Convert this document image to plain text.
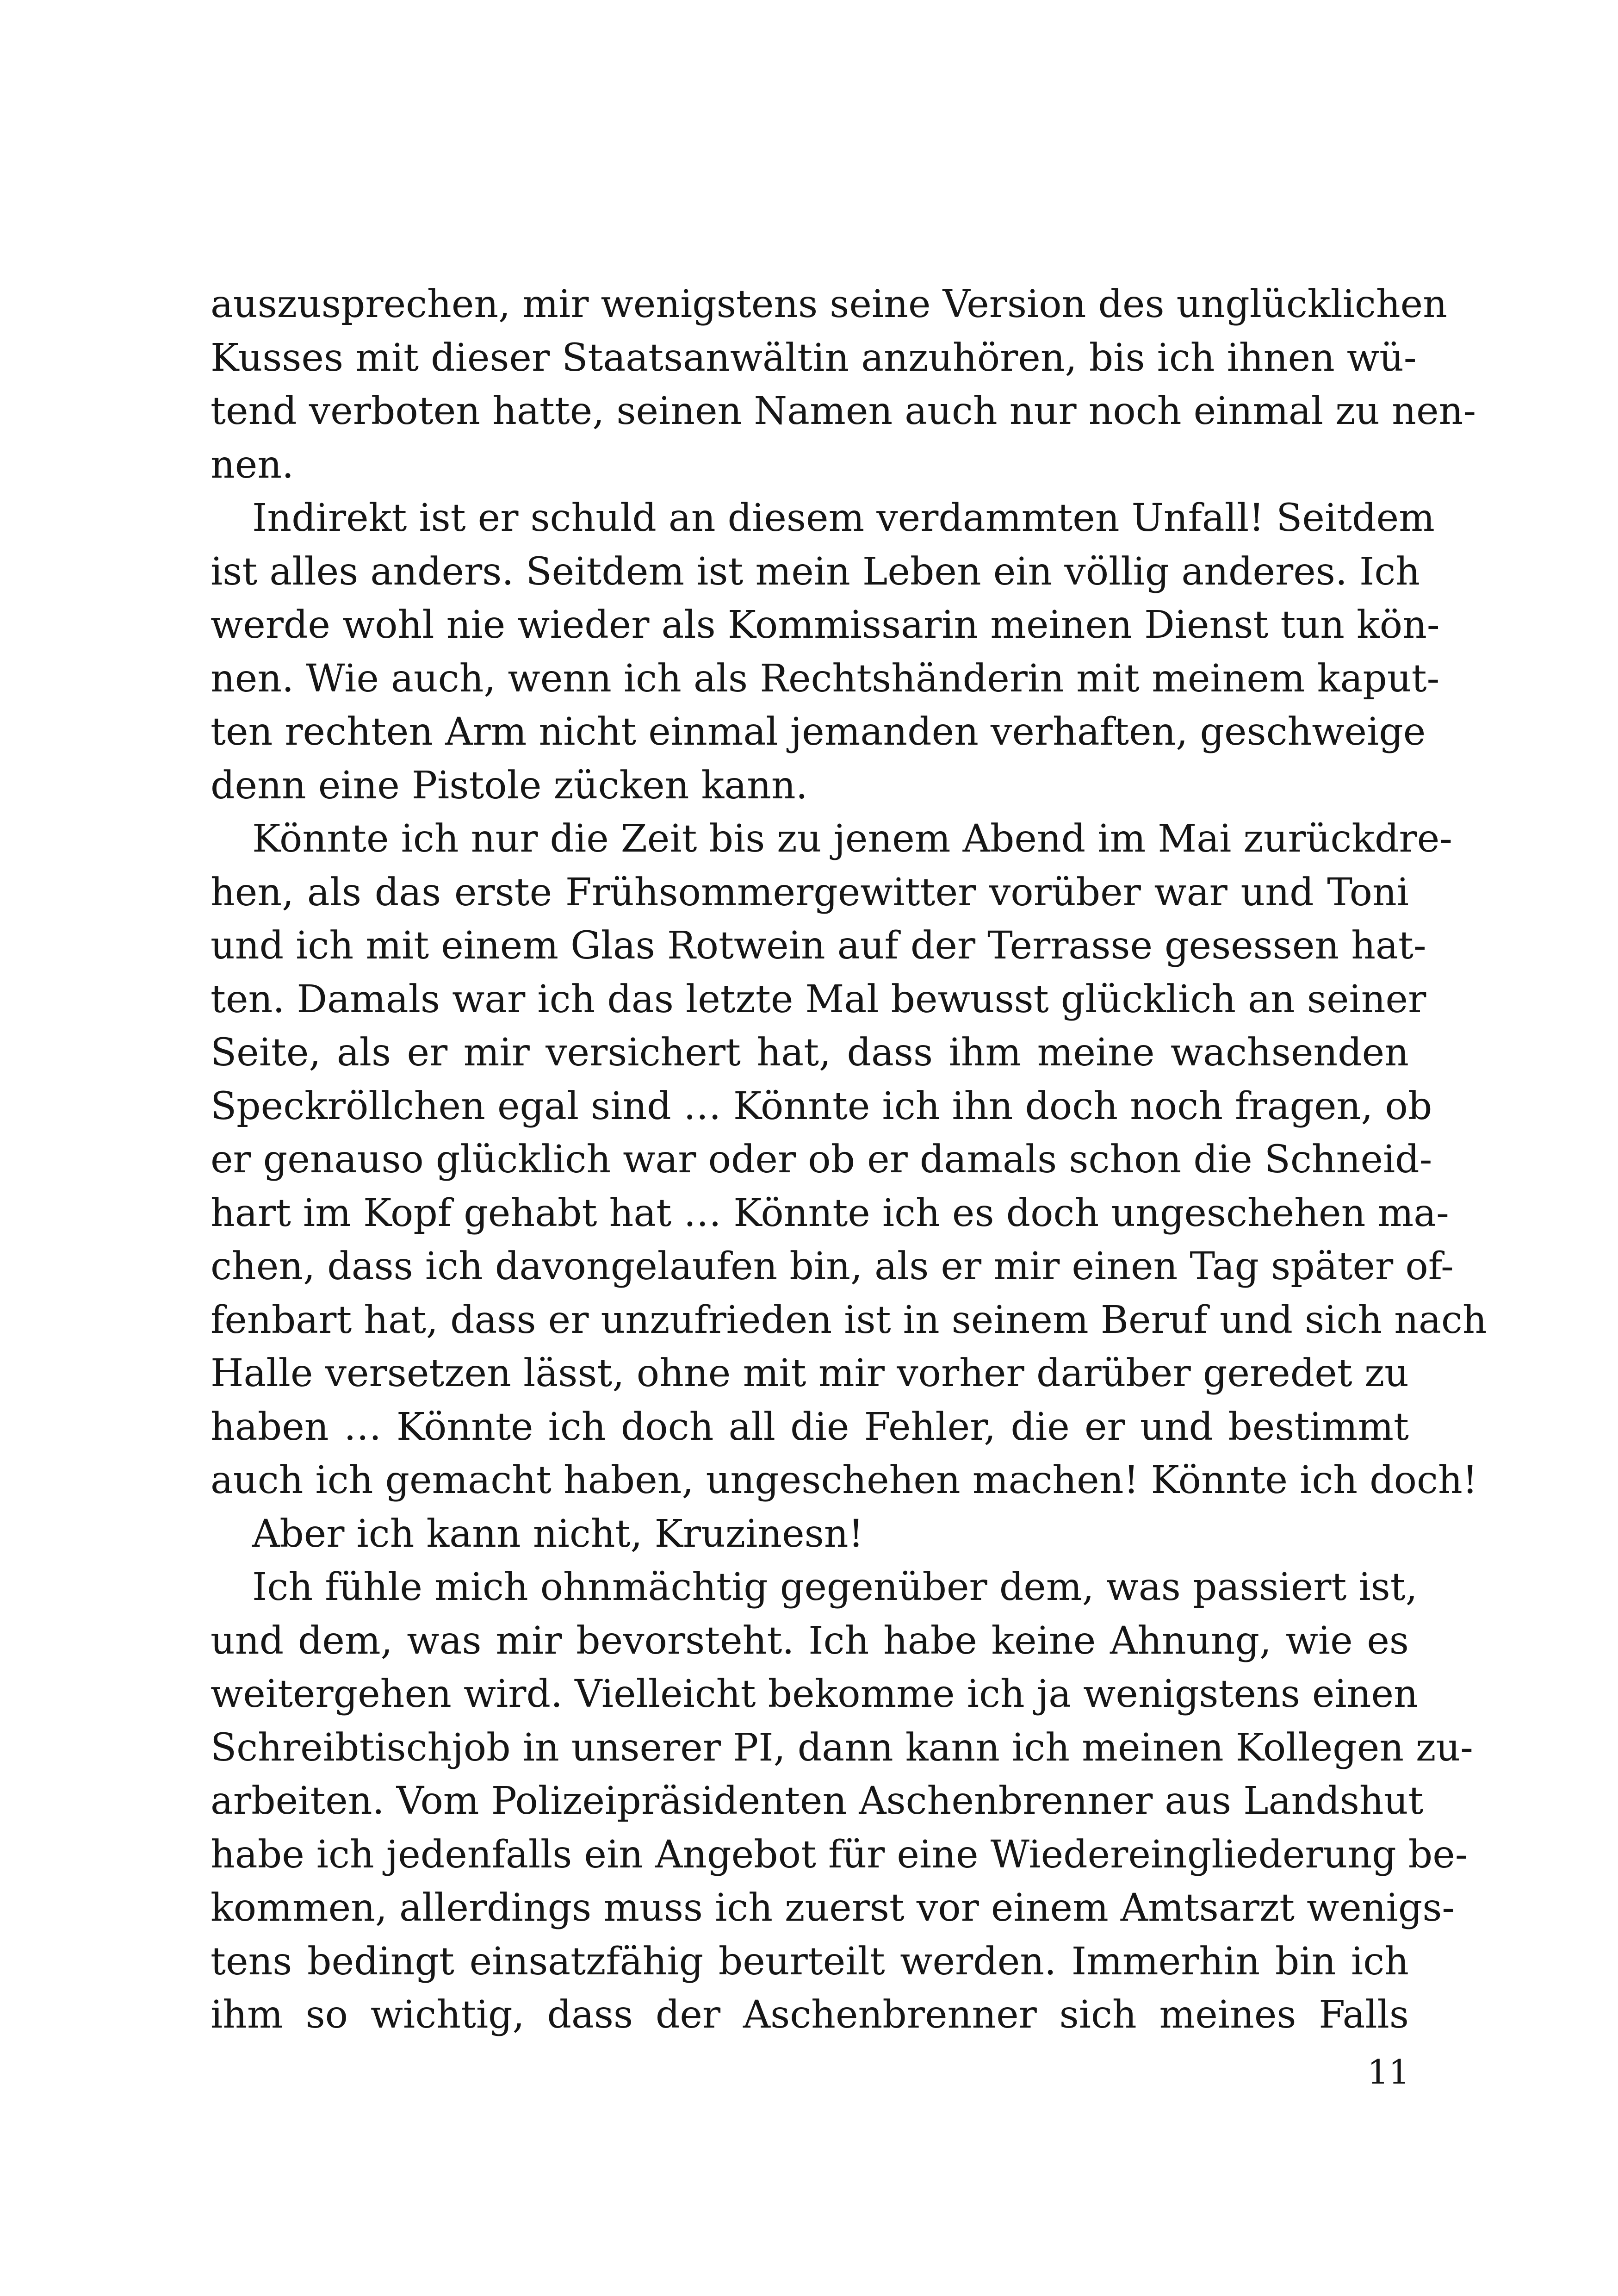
auszusprechen, mir wenigstens seine Version des unglücklichen
Kusses mit dieser Staatsanwältin anzuhören, bis ich ihnen wü-
tend verboten hatte, seinen Namen auch nur noch einmal zu nen-
nen.
Indirekt ist er schuld an diesem verdammten Unfall! Seitdem
ist alles anders. Seitdem ist mein Leben ein völlig anderes. Ich
werde wohl nie wieder als Kommissarin meinen Dienst tun kön-
nen. Wie auch, wenn ich als Rechtshänderin mit meinem kaput-
ten rechten Arm nicht einmal jemanden verhaften, geschweige
denn eine Pistole zücken kann.
Könnte ich nur die Zeit bis zu jenem Abend im Mai zurückdre-
hen, als das erste Frühsommergewitter vorüber war und Toni
und ich mit einem Glas Rotwein auf der Terrasse gesessen hat-
ten. Damals war ich das letzte Mal bewusst glücklich an seiner
Seite, als er mir versichert hat, dass ihm meine wachsenden
Speckröllchen egal sind … Könnte ich ihn doch noch fragen, ob
er genauso glücklich war oder ob er damals schon die Schneid-
hart im Kopf gehabt hat … Könnte ich es doch ungeschehen ma-
chen, dass ich davongelaufen bin, als er mir einen Tag später of-
fenbart hat, dass er unzufrieden ist in seinem Beruf und sich nach
Halle versetzen lässt, ohne mit mir vorher darüber geredet zu
haben … Könnte ich doch all die Fehler, die er und bestimmt
auch ich gemacht haben, ungeschehen machen! Könnte ich doch!
Aber ich kann nicht, Kruzinesn!
Ich fühle mich ohnmächtig gegenüber dem, was passiert ist,
und dem, was mir bevorsteht. Ich habe keine Ahnung, wie es
weitergehen wird. Vielleicht bekomme ich ja wenigstens einen
Schreibtischjob in unserer PI, dann kann ich meinen Kollegen zu-
arbeiten. Vom Polizeipräsidenten Aschenbrenner aus Landshut
habe ich jedenfalls ein Angebot für eine Wiedereingliederung be-
kommen, allerdings muss ich zuerst vor einem Amtsarzt wenigs-
tens bedingt einsatzfähig beurteilt werden. Immerhin bin ich
ihm so wichtig, dass der Aschenbrenner sich meines Falls
11
